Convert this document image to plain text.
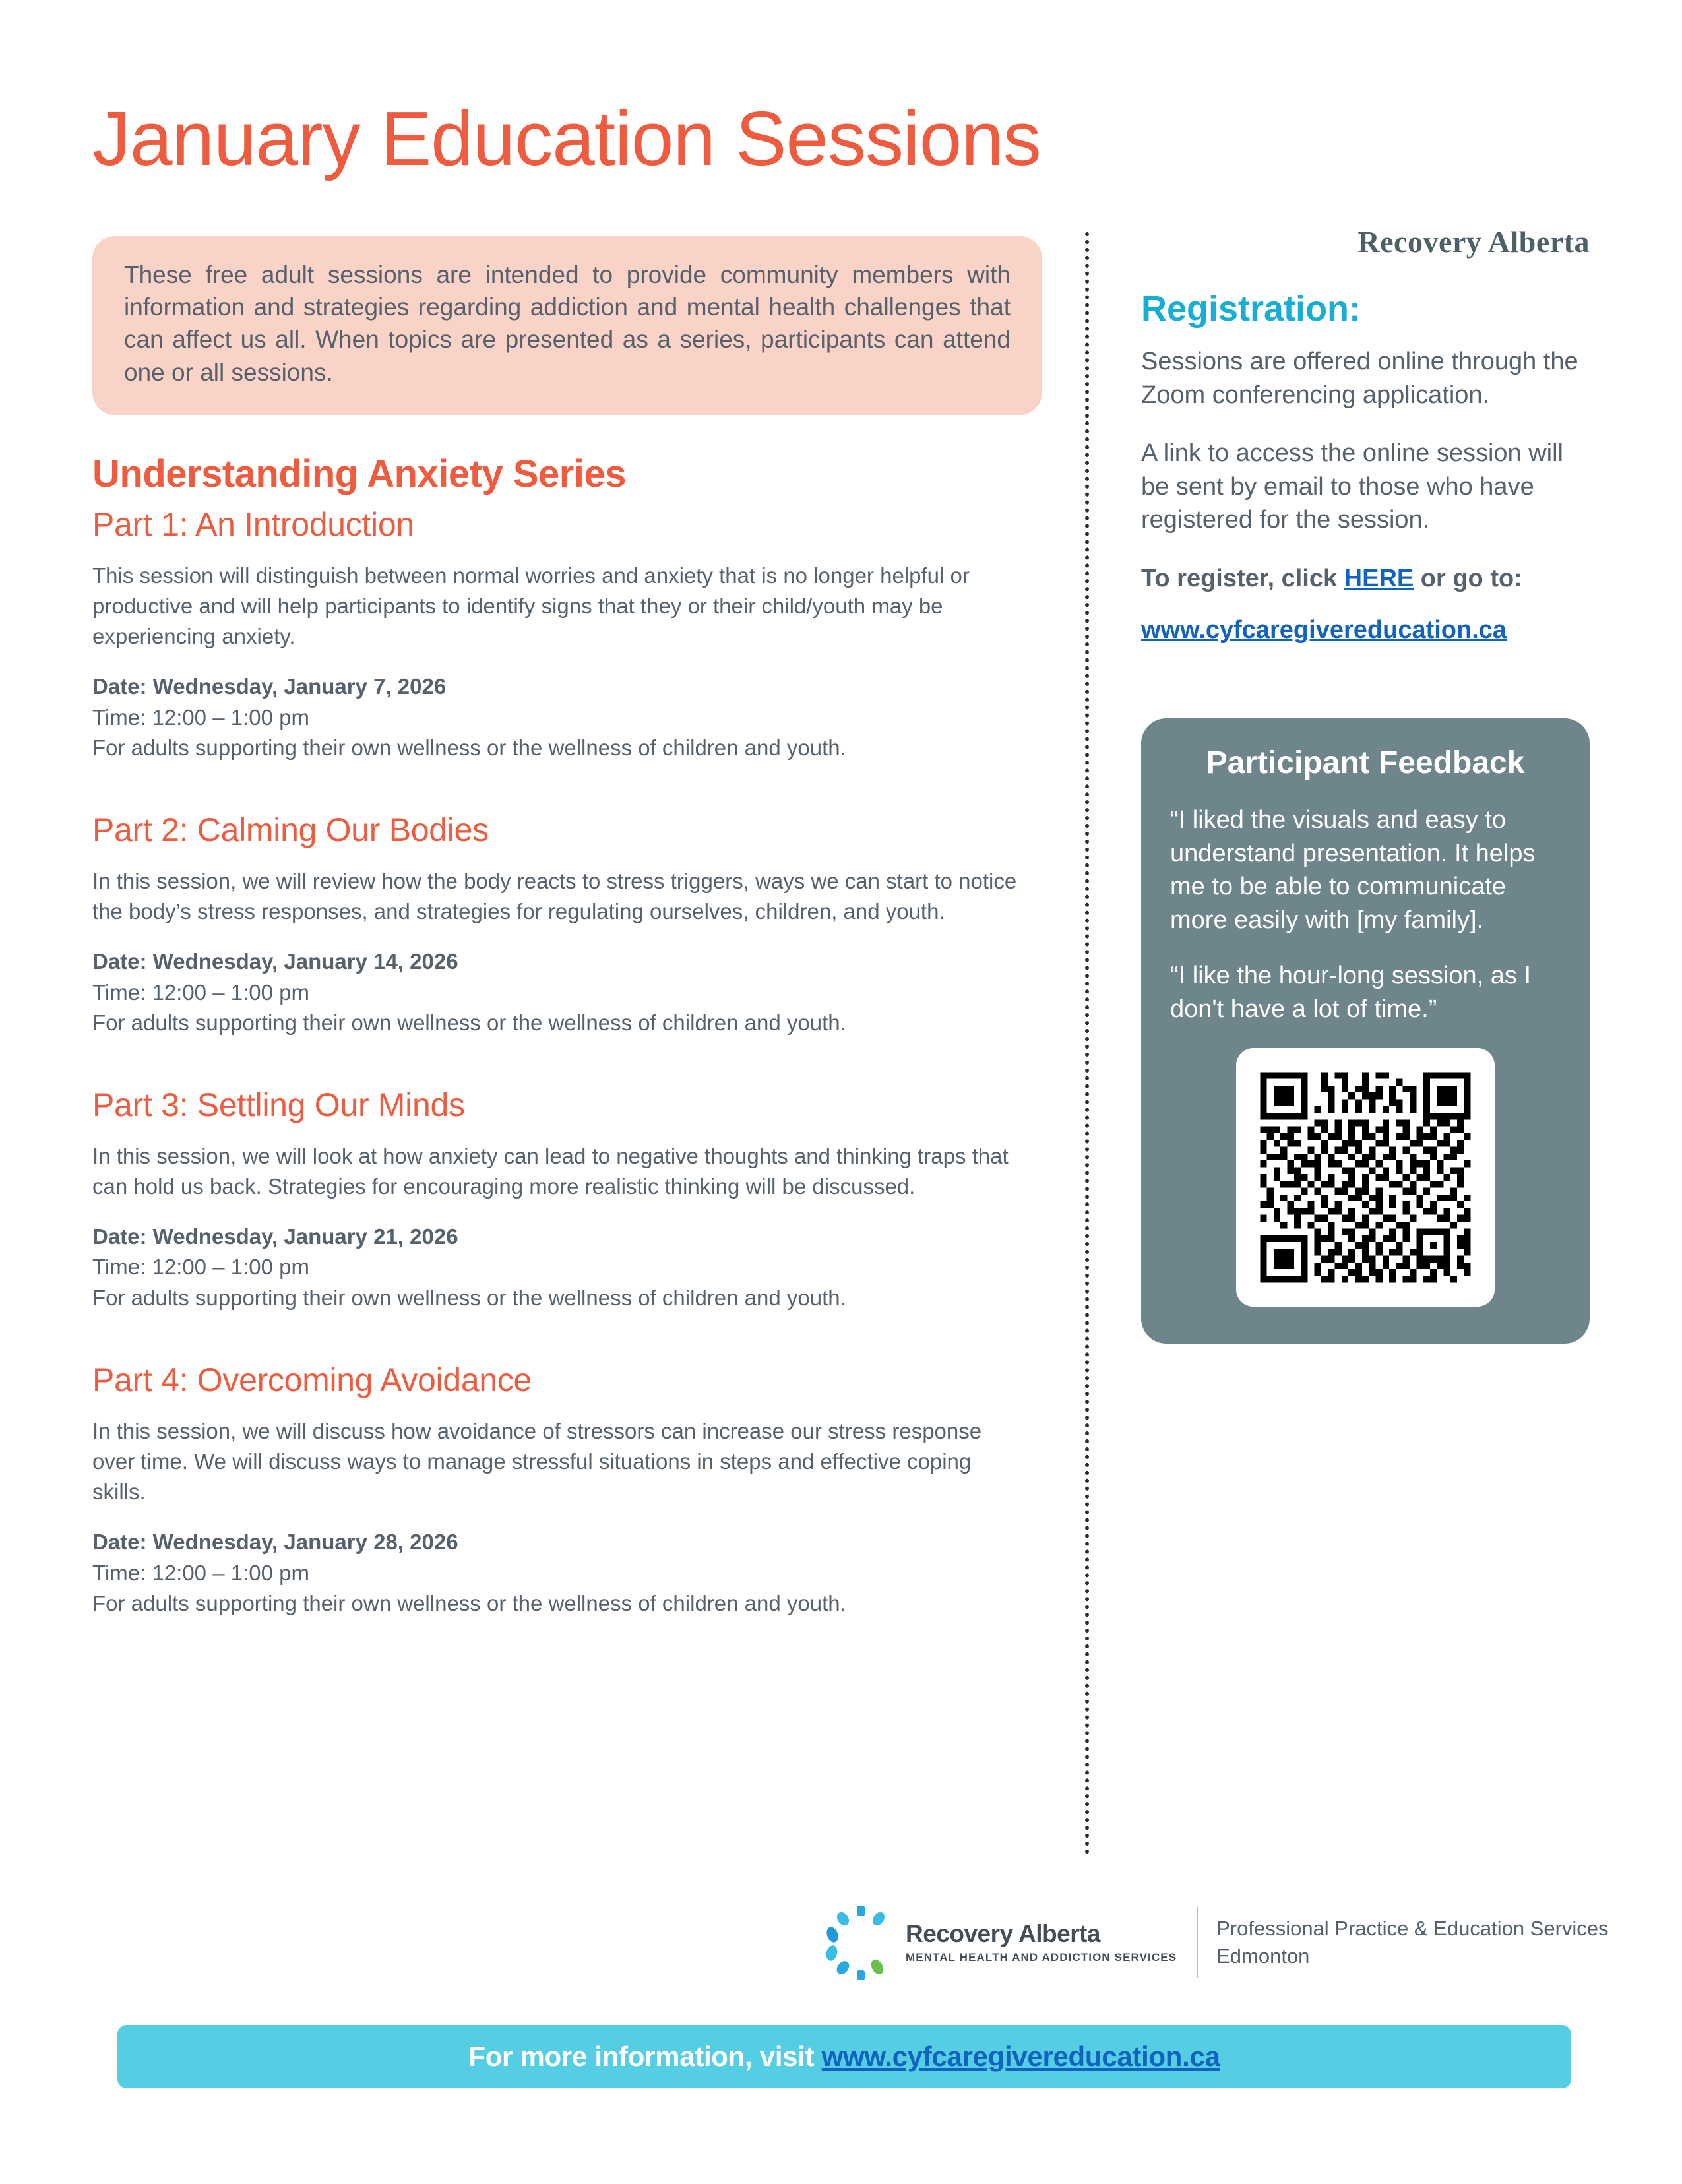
January Education Sessions

These free adult sessions are intended to provide community members with information and strategies regarding addiction and mental health challenges that can affect us all. When topics are presented as a series, participants can attend one or all sessions.

Understanding Anxiety Series
Part 1: An Introduction
This session will distinguish between normal worries and anxiety that is no longer helpful or productive and will help participants to identify signs that they or their child/youth may be experiencing anxiety.
Date: Wednesday, January 7, 2026
Time: 12:00 – 1:00 pm
For adults supporting their own wellness or the wellness of children and youth.
Part 2: Calming Our Bodies
In this session, we will review how the body reacts to stress triggers, ways we can start to notice the body’s stress responses, and strategies for regulating ourselves, children, and youth.
Date: Wednesday, January 14, 2026
Time: 12:00 – 1:00 pm
For adults supporting their own wellness or the wellness of children and youth.
Part 3: Settling Our Minds
In this session, we will look at how anxiety can lead to negative thoughts and thinking traps that can hold us back. Strategies for encouraging more realistic thinking will be discussed.
Date: Wednesday, January 21, 2026
Time: 12:00 – 1:00 pm
For adults supporting their own wellness or the wellness of children and youth.
Part 4: Overcoming Avoidance
In this session, we will discuss how avoidance of stressors can increase our stress response over time. We will discuss ways to manage stressful situations in steps and effective coping skills.
Date: Wednesday, January 28, 2026
Time: 12:00 – 1:00 pm
For adults supporting their own wellness or the wellness of children and youth.
Recovery Alberta
Registration:
Sessions are offered online through the Zoom conferencing application.
A link to access the online session will be sent by email to those who have registered for the session.
To register, click HERE or go to:
www.cyfcaregivereducation.ca
Participant Feedback
“I liked the visuals and easy to understand presentation. It helps me to be able to communicate more easily with [my family].
“I like the hour-long session, as I don't have a lot of time.”
Recovery Alberta
MENTAL HEALTH AND ADDICTION SERVICES
Professional Practice & Education Services
Edmonton
For more information, visit www.cyfcaregivereducation.ca
